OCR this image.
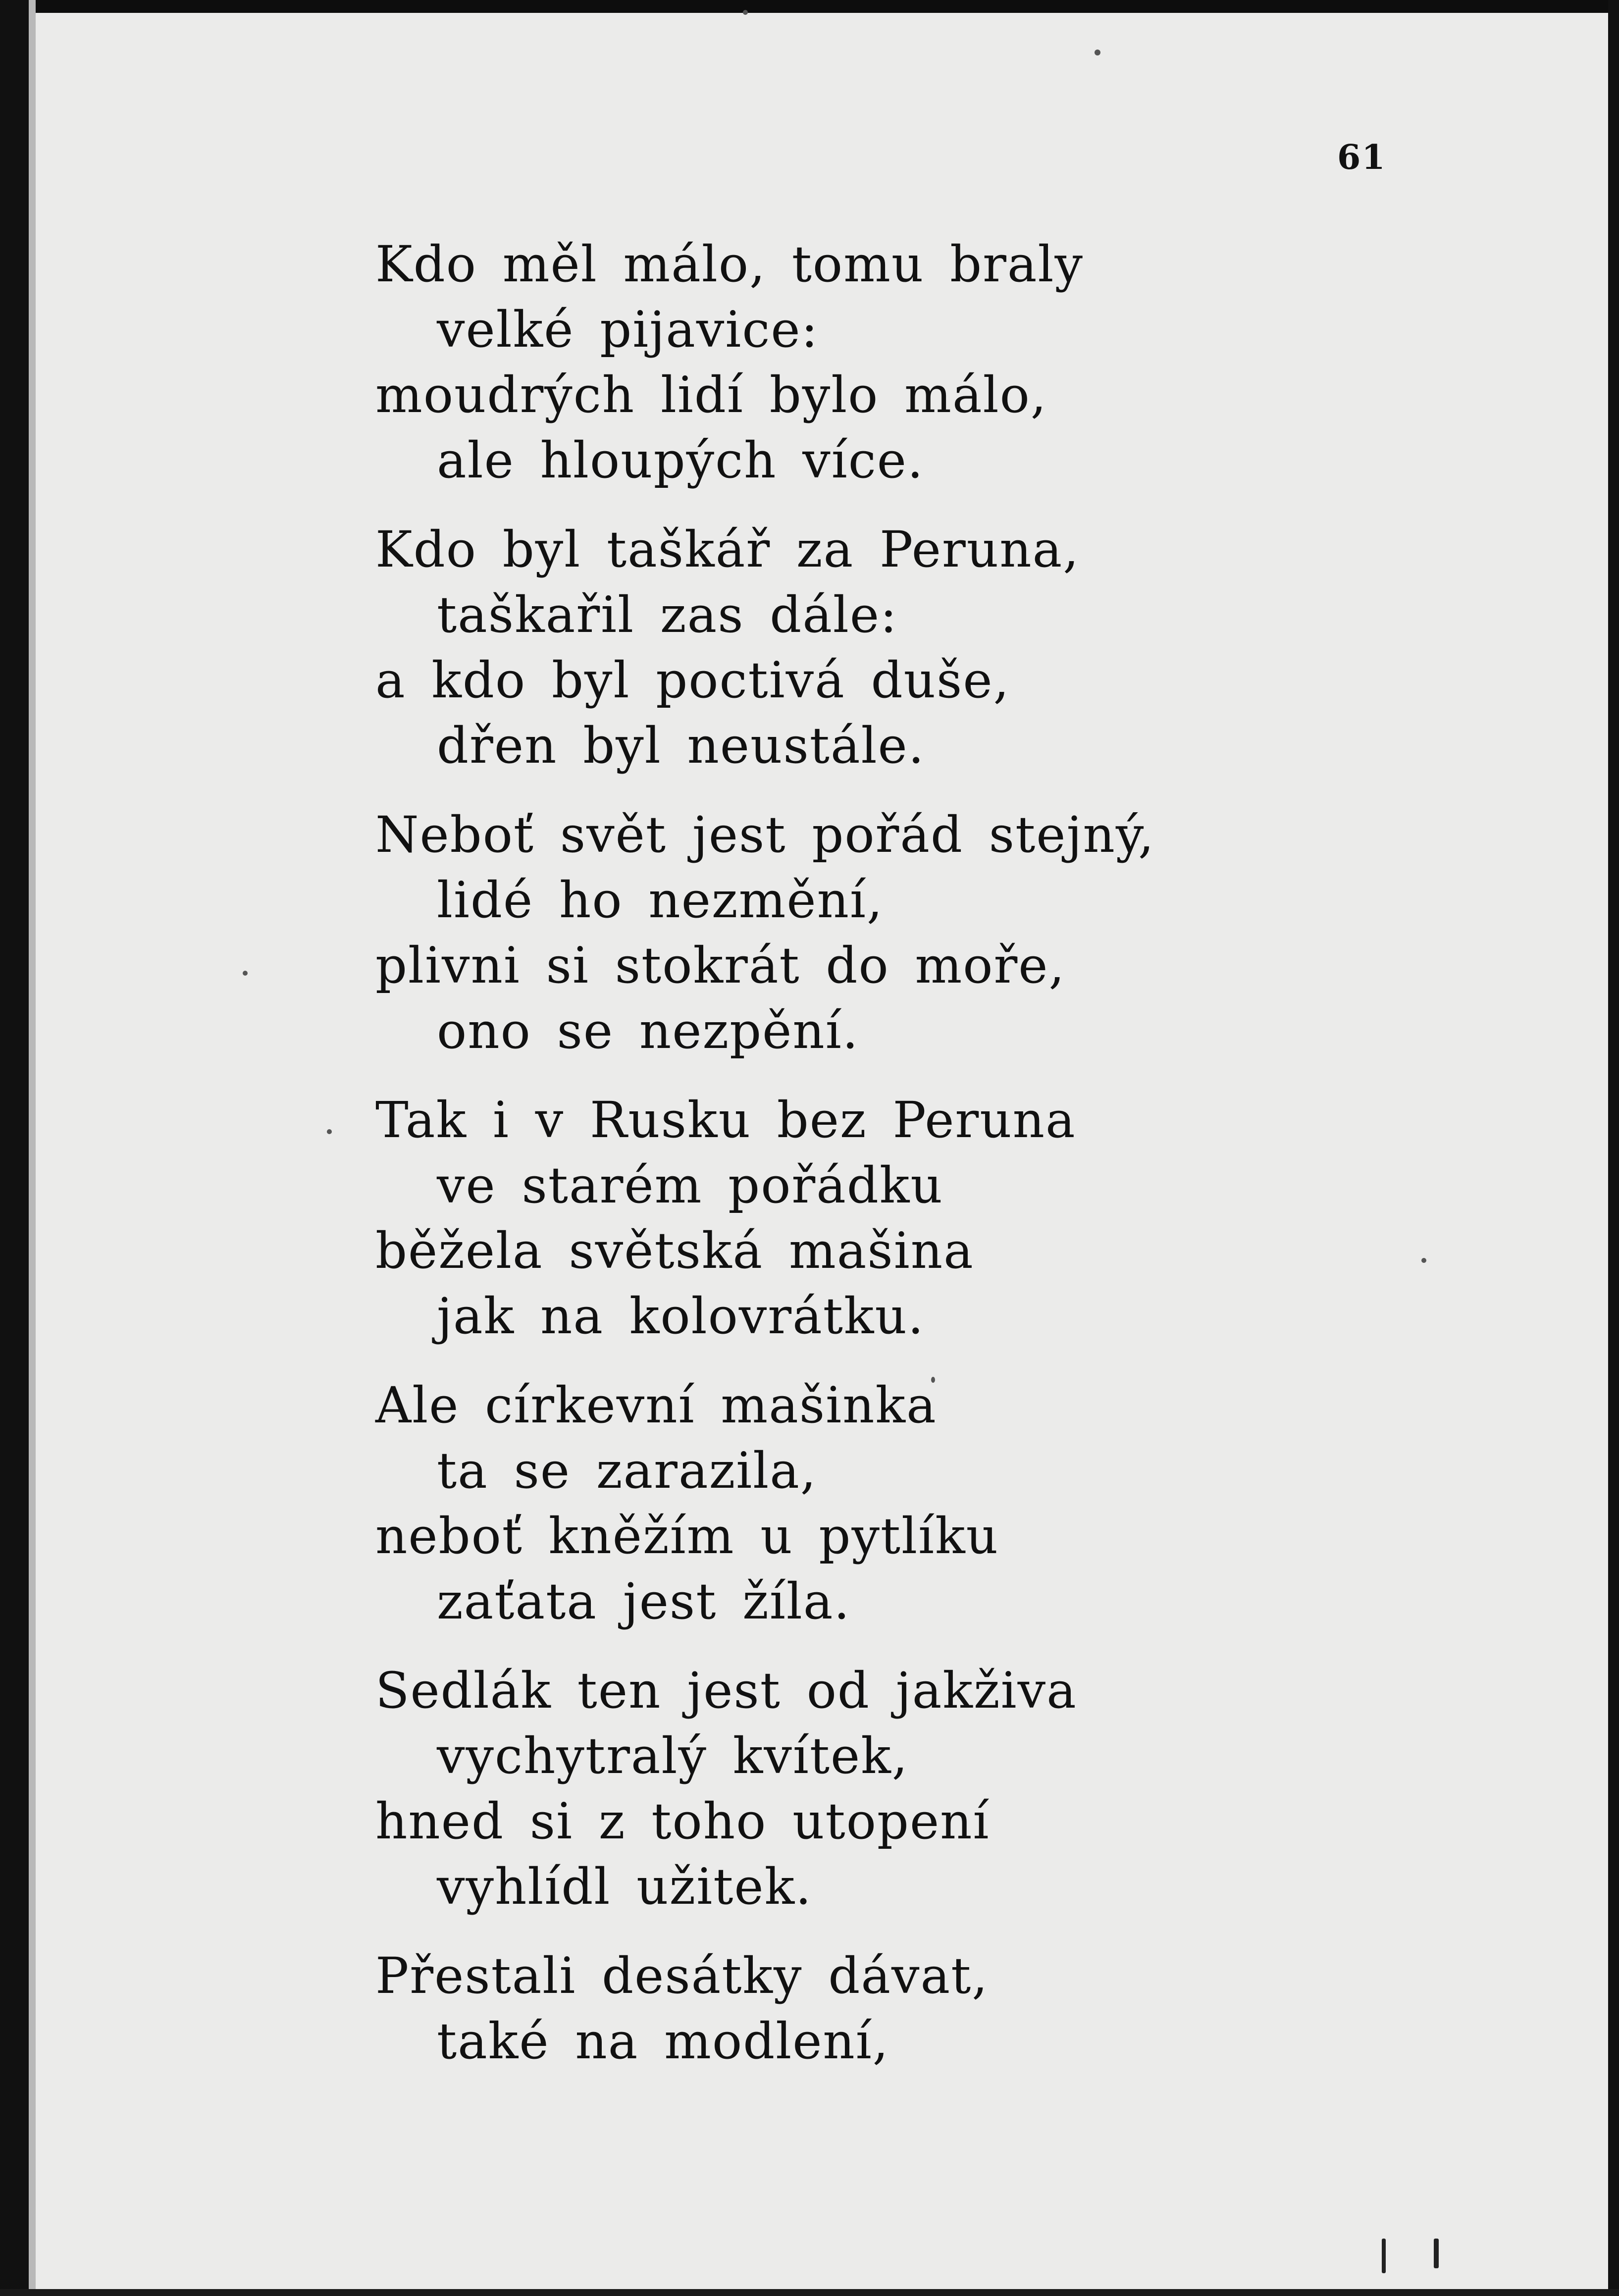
61
Kdo měl málo, tomu braly
velké pijavice:
moudrých lidí bylo málo,
ale hloupých více.
Kdo byl taškář za Peruna,
taškařil zas dále:
a kdo byl poctivá duše,
dřen byl neustále.
Neboť svět jest pořád stejný,
lidé ho nezmění,
plivni si stokrát do moře,
ono se nezpění.
Tak i v Rusku bez Peruna
ve starém pořádku
běžela světská mašina
jak na kolovrátku.
Ale církevní mašinka
ta se zarazila,
neboť kněžím u pytlíku
zaťata jest žíla.
Sedlák ten jest od jakživa
vychytralý kvítek,
hned si z toho utopení
vyhlídl užitek.
Přestali desátky dávat,
také na modlení,
